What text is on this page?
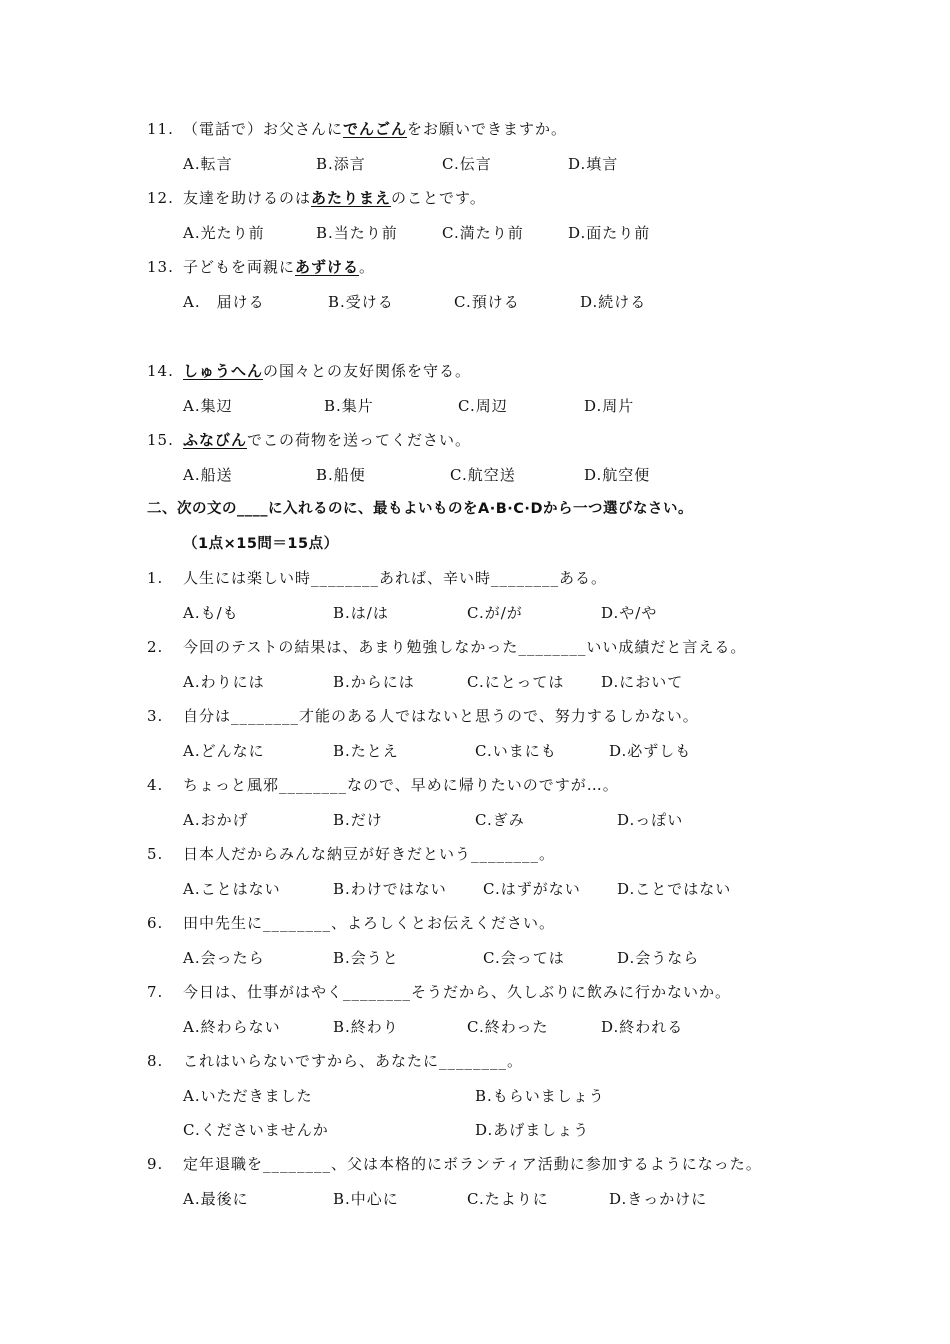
11. （電話で）お父さんにでんごんをお願いできますか。
A.転言	B.添言	C.伝言	D.填言
12. 友達を助けるのはあたりまえのことです。
A.光たり前	B.当たり前	C.満たり前	D.面たり前
13. 子どもを両親にあずける。
A.　届ける	B.受ける	C.預ける	D.続ける
14. しゅうへんの国々との友好関係を守る。
A.集辺	B.集片	C.周辺	D.周片
15. ふなびんでこの荷物を送ってください。
A.船送	B.船便	C.航空送	D.航空便
二、次の文の____に入れるのに、最もよいものをA·B·C·Dから一つ選びなさい。
（1点×15問＝15点）
1. 人生には楽しい時________あれば、辛い時________ある。
A.も/も	B.は/は	C.が/が	D.や/や
2. 今回のテストの結果は、あまり勉強しなかった________いい成績だと言える。
A.わりには	B.からには	C.にとっては D.において
3. 自分は________才能のある人ではないと思うので、努力するしかない。
A.どんなに	B.たとえ	C.いまにも	D.必ずしも
4. ちょっと風邪________なので、早めに帰りたいのですが…。
A.おかげ	B.だけ	C.ぎみ	D.っぽい
5. 日本人だからみんな納豆が好きだという________。
A.ことはない	B.わけではない C.はずがない D.ことではない
6. 田中先生に________、よろしくとお伝えください。
A.会ったら	B.会うと	C.会っては	D.会うなら
7. 今日は、仕事がはやく________そうだから、久しぶりに飲みに行かないか。
A.終わらない	B.終わり	C.終わった	D.終われる
8. これはいらないですから、あなたに________。
A.いただきました	B.もらいましょう
C.くださいませんか	D.あげましょう
9. 定年退職を________、父は本格的にボランティア活動に参加するようになった。
A.最後に	B.中心に	C.たよりに	D.きっかけに
